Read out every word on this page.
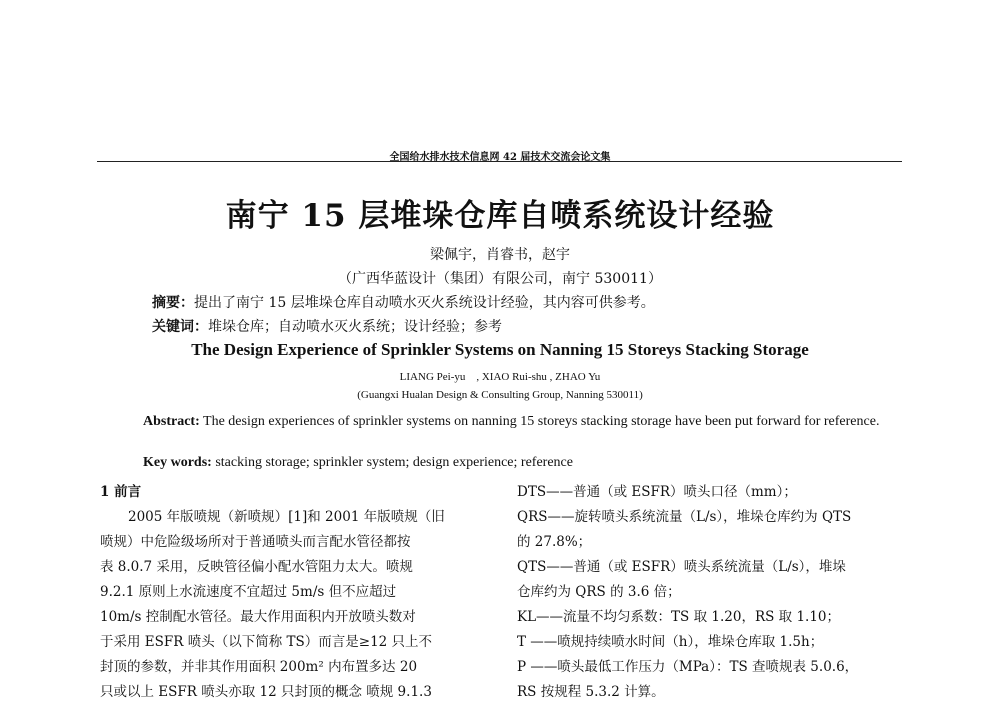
全国给水排水技术信息网 42 届技术交流会论文集
南宁 15 层堆垛仓库自喷系统设计经验
梁佩宇，肖睿书，赵宇
（广西华蓝设计（集团）有限公司，南宁 530011）
摘要：提出了南宁 15 层堆垛仓库自动喷水灭火系统设计经验，其内容可供参考。
关键词：堆垛仓库；自动喷水灭火系统；设计经验；参考
The Design Experience of Sprinkler Systems on Nanning 15 Storeys Stacking Storage
LIANG Pei-yu　, XIAO Rui-shu , ZHAO Yu
(Guangxi Hualan Design & Consulting Group, Nanning 530011)
Abstract: The design experiences of sprinkler systems on nanning 15 storeys stacking storage have been put forward for reference.
Key words: stacking storage; sprinkler system; design experience; reference
1 前言
2005 年版喷规（新喷规）[1]和 2001 年版喷规（旧
喷规）中危险级场所对于普通喷头而言配水管径都按
表 8.0.7 采用，反映管径偏小配水管阻力太大。喷规
9.2.1 原则上水流速度不宜超过 5m/s 但不应超过
10m/s 控制配水管径。最大作用面积内开放喷头数对
于采用 ESFR 喷头（以下简称 TS）而言是≥12 只上不
封顶的参数，并非其作用面积 200m² 内布置多达 20
只或以上 ESFR 喷头亦取 12 只封顶的概念 喷规 9.1.3
DTS——普通（或 ESFR）喷头口径（mm）；
QRS——旋转喷头系统流量（L/s），堆垛仓库约为 QTS
的 27.8%；
QTS——普通（或 ESFR）喷头系统流量（L/s），堆垛
仓库约为 QRS 的 3.6 倍；
KL——流量不均匀系数：TS 取 1.20，RS 取 1.10；
T ——喷规持续喷水时间（h），堆垛仓库取 1.5h；
P ——喷头最低工作压力（MPa）：TS 查喷规表 5.0.6，
RS 按规程 5.3.2 计算。
